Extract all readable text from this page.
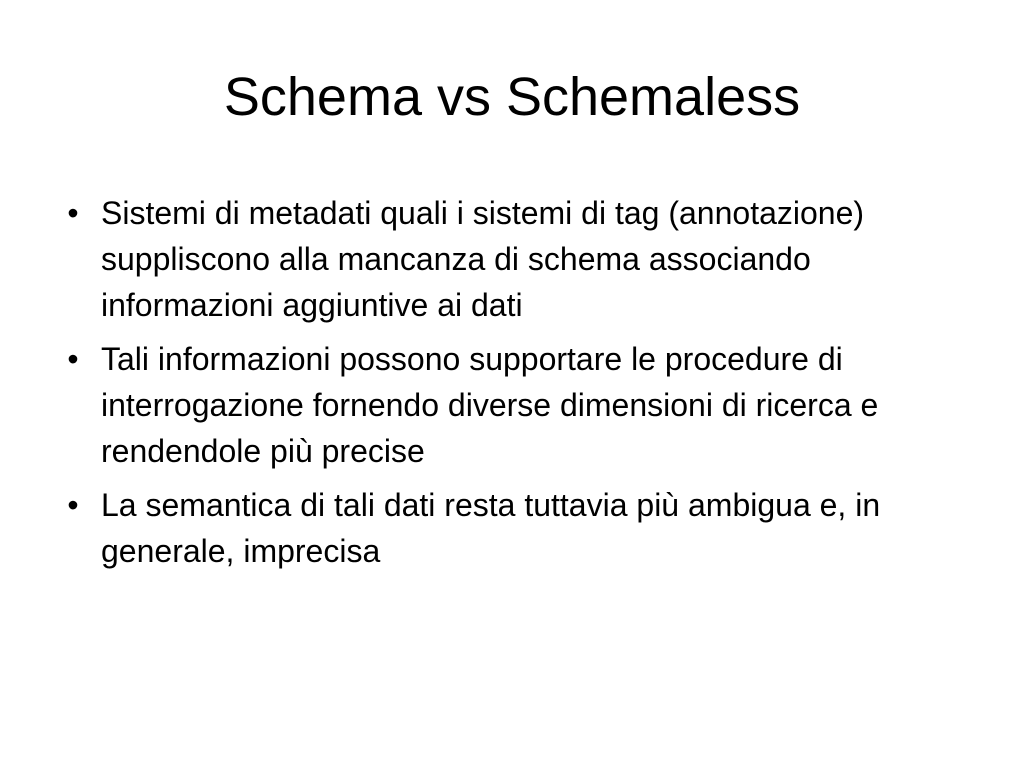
Schema vs Schemaless
• Sistemi di metadati quali i sistemi di tag (annotazione) suppliscono alla mancanza di schema associando informazioni aggiuntive ai dati
• Tali informazioni possono supportare le procedure di interrogazione fornendo diverse dimensioni di ricerca e rendendole più precise
• La semantica di tali dati resta tuttavia più ambigua e, in generale, imprecisa
